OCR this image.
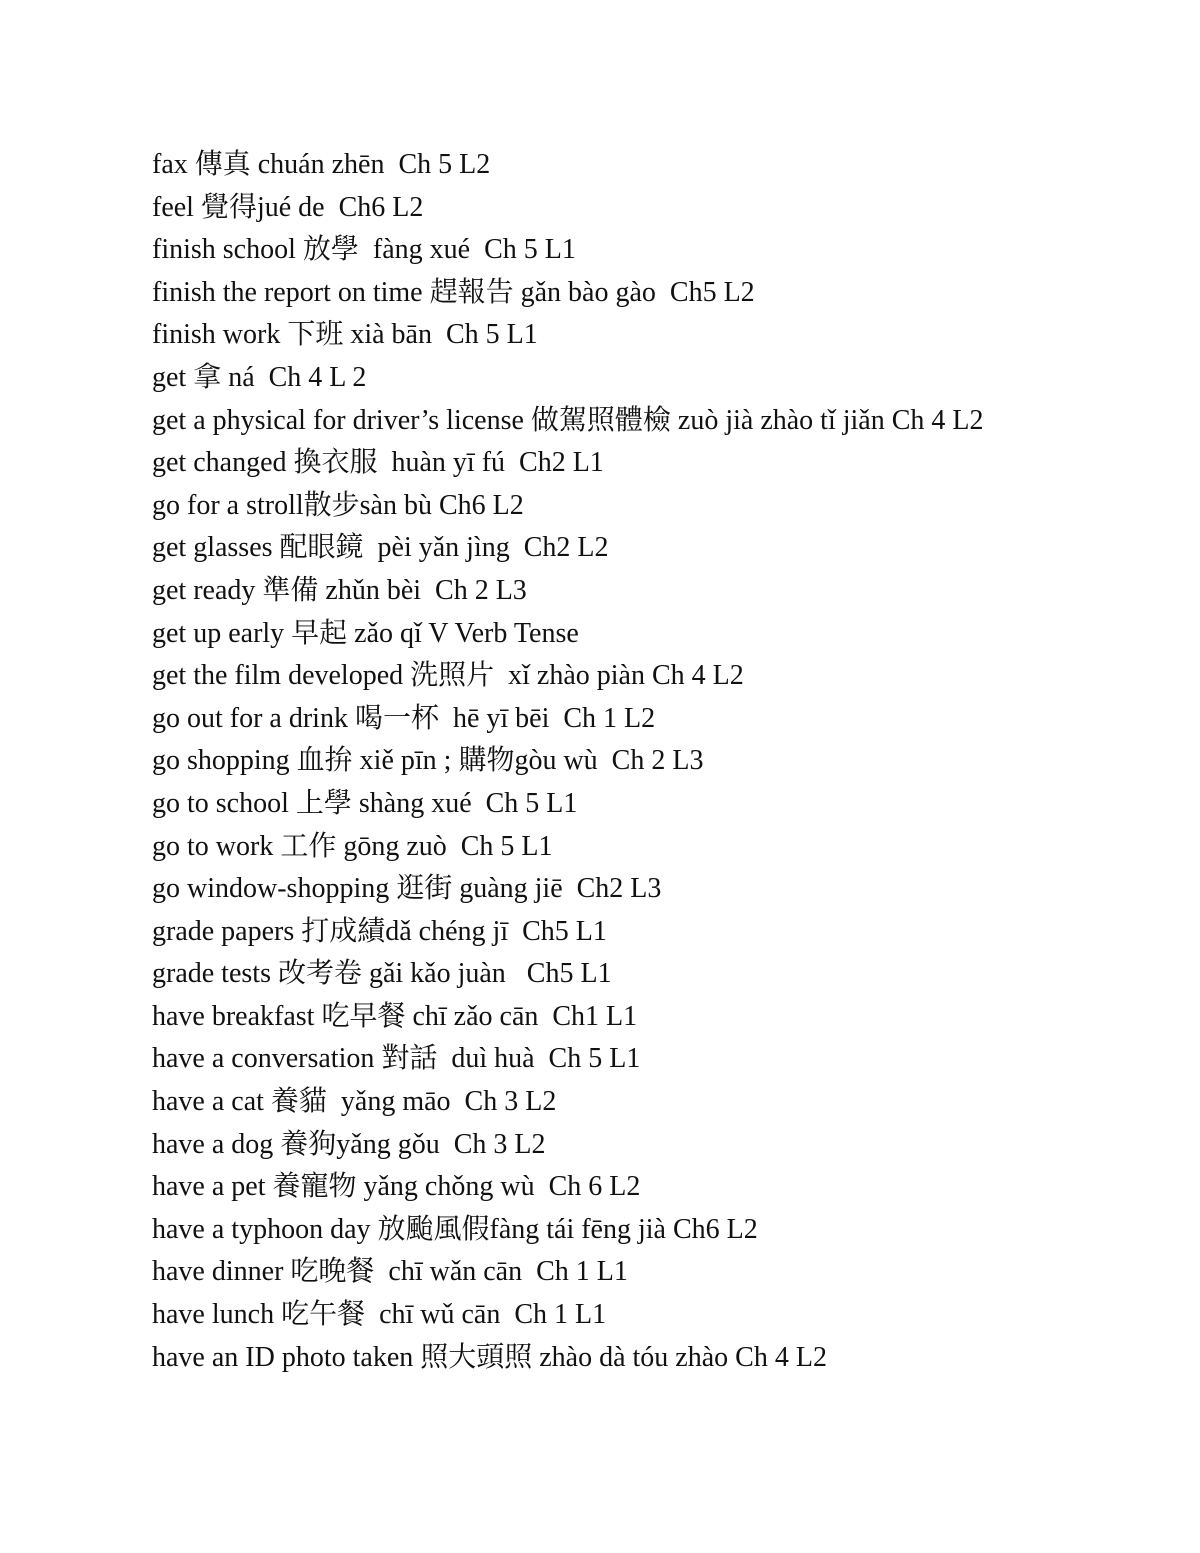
fax 傳真 chuán zhēn  Ch 5 L2
feel 覺得jué de  Ch6 L2
finish school 放學  fàng xué  Ch 5 L1
finish the report on time 趕報告 gǎn bào gào  Ch5 L2
finish work 下班 xià bān  Ch 5 L1
get 拿 ná  Ch 4 L 2
get a physical for driver’s license 做駕照體檢 zuò jià zhào tǐ jiǎn Ch 4 L2
get changed 換衣服  huàn yī fú  Ch2 L1
go for a stroll散步sàn bù Ch6 L2
get glasses 配眼鏡  pèi yǎn jìng  Ch2 L2
get ready 準備 zhǔn bèi  Ch 2 L3
get up early 早起 zǎo qǐ V Verb Tense
get the film developed 洗照片  xǐ zhào piàn Ch 4 L2
go out for a drink 喝一杯  hē yī bēi  Ch 1 L2
go shopping 血拚 xiě pīn ; 購物gòu wù  Ch 2 L3
go to school 上學 shàng xué  Ch 5 L1
go to work 工作 gōng zuò  Ch 5 L1
go window-shopping 逛街 guàng jiē  Ch2 L3
grade papers 打成績dǎ chéng jī  Ch5 L1
grade tests 改考卷 gǎi kǎo juàn   Ch5 L1
have breakfast 吃早餐 chī zǎo cān  Ch1 L1
have a conversation 對話  duì huà  Ch 5 L1
have a cat 養貓  yǎng māo  Ch 3 L2
have a dog 養狗yǎng gǒu  Ch 3 L2
have a pet 養寵物 yǎng chǒng wù  Ch 6 L2
have a typhoon day 放颱風假fàng tái fēng jià Ch6 L2
have dinner 吃晚餐  chī wǎn cān  Ch 1 L1
have lunch 吃午餐  chī wǔ cān  Ch 1 L1
have an ID photo taken 照大頭照 zhào dà tóu zhào Ch 4 L2
